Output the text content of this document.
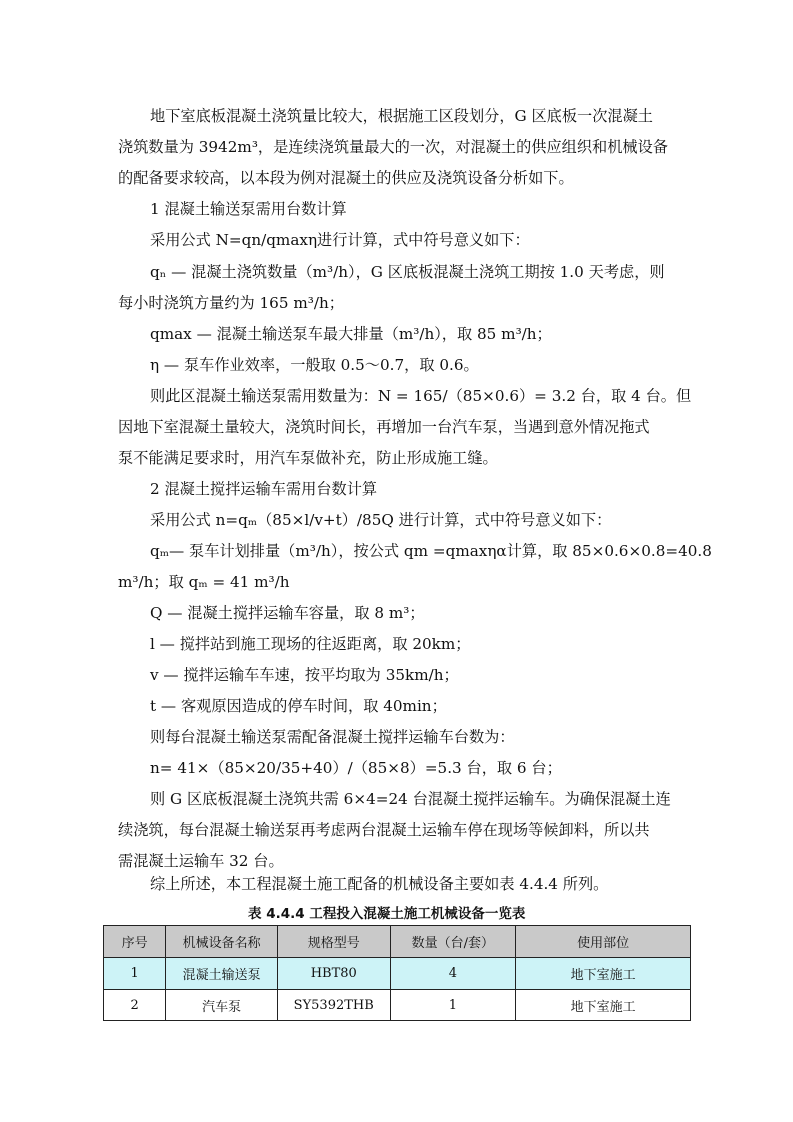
地下室底板混凝土浇筑量比较大，根据施工区段划分，G 区底板一次混凝土
浇筑数量为 3942m³，是连续浇筑量最大的一次，对混凝土的供应组织和机械设备
的配备要求较高，以本段为例对混凝土的供应及浇筑设备分析如下。
1 混凝土输送泵需用台数计算
采用公式 N=qn/qmaxη进行计算，式中符号意义如下：
qₙ — 混凝土浇筑数量（m³/h），G 区底板混凝土浇筑工期按 1.0 天考虑，则
每小时浇筑方量约为 165 m³/h；
qmax — 混凝土输送泵车最大排量（m³/h），取 85 m³/h；
η — 泵车作业效率，一般取 0.5～0.7，取 0.6。
则此区混凝土输送泵需用数量为：N = 165/（85×0.6）= 3.2 台，取 4 台。但
因地下室混凝土量较大，浇筑时间长，再增加一台汽车泵，当遇到意外情况拖式
泵不能满足要求时，用汽车泵做补充，防止形成施工缝。
2 混凝土搅拌运输车需用台数计算
采用公式 n=qₘ（85×l/v+t）/85Q 进行计算，式中符号意义如下：
qₘ— 泵车计划排量（m³/h），按公式 qm =qmaxηα计算，取 85×0.6×0.8=40.8
m³/h；取 qₘ = 41 m³/h
Q — 混凝土搅拌运输车容量，取 8 m³；
l — 搅拌站到施工现场的往返距离，取 20km；
v — 搅拌运输车车速，按平均取为 35km/h；
t — 客观原因造成的停车时间，取 40min；
则每台混凝土输送泵需配备混凝土搅拌运输车台数为：
n= 41×（85×20/35+40）/（85×8）=5.3 台，取 6 台；
则 G 区底板混凝土浇筑共需 6×4=24 台混凝土搅拌运输车。为确保混凝土连
续浇筑，每台混凝土输送泵再考虑两台混凝土运输车停在现场等候卸料，所以共
需混凝土运输车 32 台。
综上所述，本工程混凝土施工配备的机械设备主要如表 4.4.4 所列。
表 4.4.4 工程投入混凝土施工机械设备一览表
序号	机械设备名称	规格型号	数量（台/套）	使用部位
1	混凝土输送泵	HBT80	4	地下室施工
2	汽车泵	SY5392THB	1	地下室施工
